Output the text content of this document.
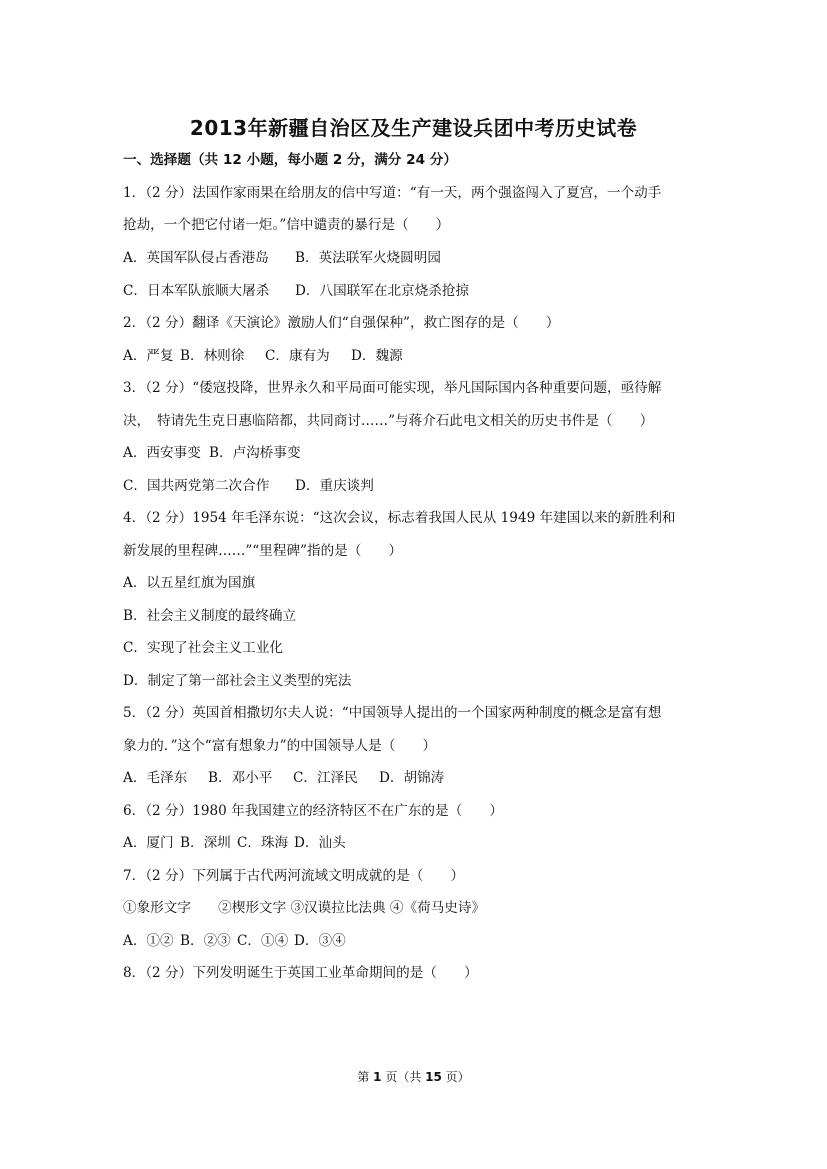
2013年新疆自治区及生产建设兵团中考历史试卷
一、选择题（共 12 小题，每小题 2 分，满分 24 分）
1．（2 分）法国作家雨果在给朋友的信中写道：“有一天，两个强盗闯入了夏宫，一个动手
抢劫，一个把它付诸一炬。”信中谴责的暴行是（　　）
A．英国军队侵占香港岛 B．英法联军火烧圆明园
C．日本军队旅顺大屠杀 D．八国联军在北京烧杀抢掠
2．（2 分）翻译《天演论》激励人们“自强保种”，救亡图存的是（　　）
A．严复 B．林则徐 C．康有为 D．魏源
3．（2 分）“倭寇投降，世界永久和平局面可能实现，举凡国际国内各种重要问题，亟待解
决，　特请先生克日惠临陪都，共同商讨……”与蒋介石此电文相关的历史书件是（　　）
A．西安事变 B．卢沟桥事变
C．国共两党第二次合作 D．重庆谈判
4．（2 分）1954 年毛泽东说：“这次会议，标志着我国人民从 1949 年建国以来的新胜利和
新发展的里程碑……”“里程碑”指的是（　　）
A．以五星红旗为国旗
B．社会主义制度的最终确立
C．实现了社会主义工业化
D．制定了第一部社会主义类型的宪法
5．（2 分）英国首相撒切尔夫人说：“中国领导人提出的一个国家两种制度的概念是富有想
象力的．”这个“富有想象力”的中国领导人是（　　）
A．毛泽东 B．邓小平 C．江泽民 D．胡锦涛
6．（2 分）1980 年我国建立的经济特区不在广东的是（　　）
A．厦门 B．深圳 C．珠海 D．汕头
7．（2 分）下列属于古代两河流域文明成就的是（　　）
①象形文字　　②楔形文字 ③汉谟拉比法典 ④《荷马史诗》
A．①② B．②③ C．①④ D．③④
8．（2 分）下列发明诞生于英国工业革命期间的是（　　）
第 1 页（共 15 页）
